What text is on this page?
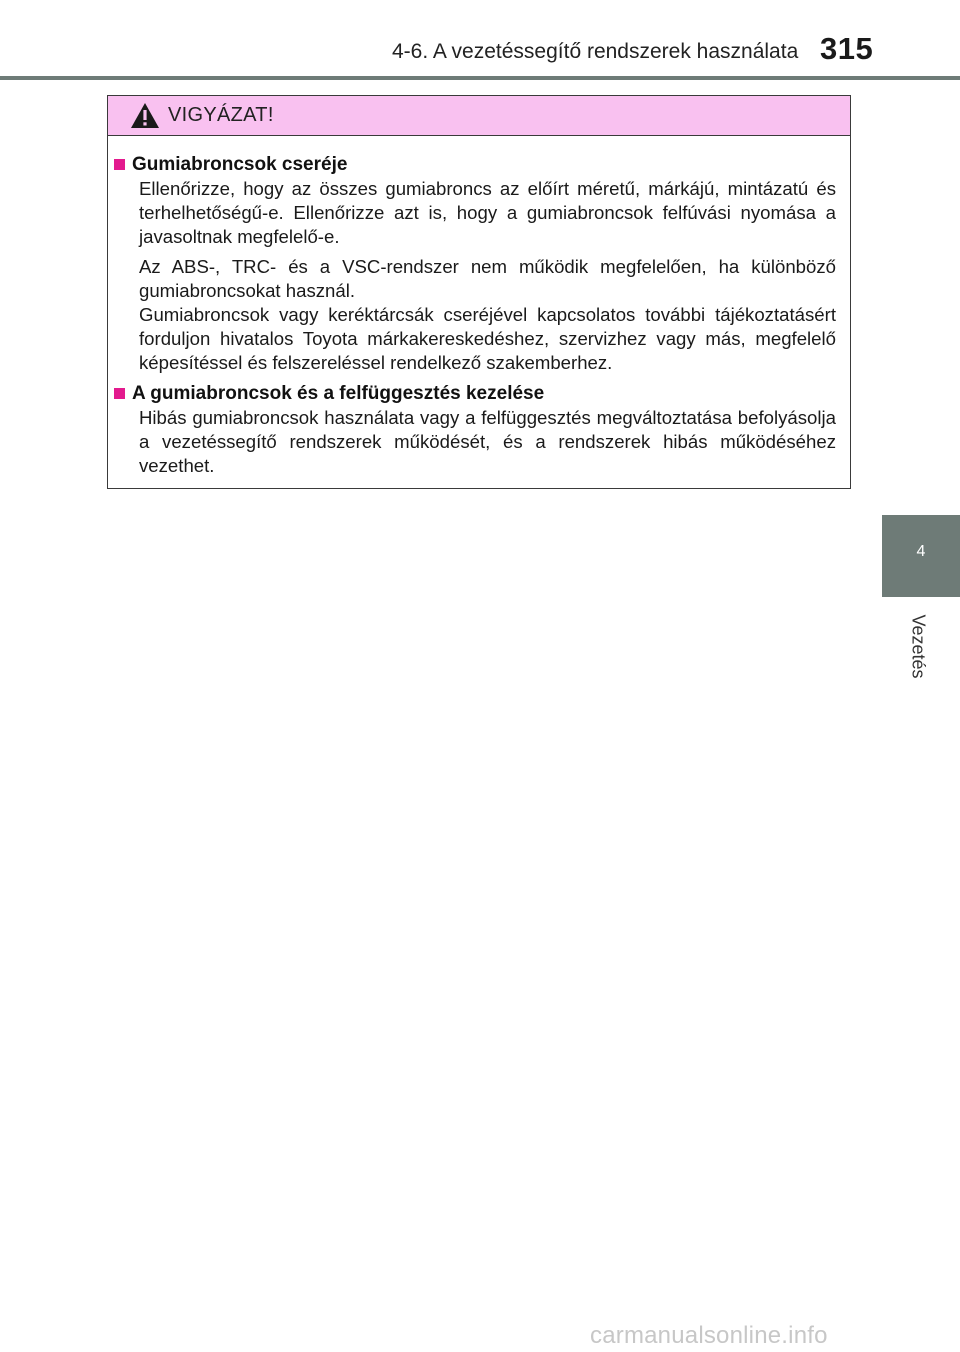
4-6. A vezetéssegítő rendszerek használata 315
VIGYÁZAT!
Gumiabroncsok cseréje

Ellenőrizze, hogy az összes gumiabroncs az előírt méretű, márkájú, mintázatú és terhelhetőségű-e. Ellenőrizze azt is, hogy a gumiabroncsok felfúvási nyomása a javasoltnak megfelelő-e.

Az ABS-, TRC- és a VSC-rendszer nem működik megfelelően, ha különböző gumiabroncsokat használ.

Gumiabroncsok vagy keréktárcsák cseréjével kapcsolatos további tájékoztatásért forduljon hivatalos Toyota márkakereskedéshez, szervizhez vagy más, megfelelő képesítéssel és felszereléssel rendelkező szakemberhez.

A gumiabroncsok és a felfüggesztés kezelése

Hibás gumiabroncsok használata vagy a felfüggesztés megváltoztatása befolyásolja a vezetéssegítő rendszerek működését, és a rendszerek hibás működéséhez vezethet.

4
Vezetés
carmanualsonline.info
